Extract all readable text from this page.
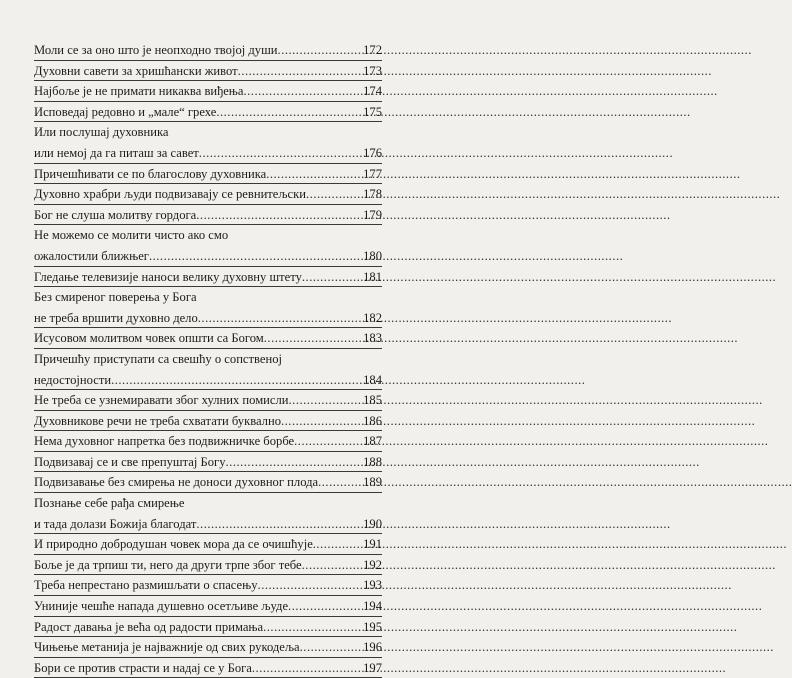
Моли се за оно што је неопходно твојој души .....	172
Духовни савети за хришћански живот .....	173
Најбоље је не примати никаква виђења .....	174
Исповедај редовно и „мале“ грехе .....	175
Или послушај духовника
или немој да га питаш за савет .....	176
Причешћивати се по благослову духовника .....	177
Духовно храбри људи подвизавају се ревнитељски .....	178
Бог не слуша молитву гордога .....	179
Не можемо се молити чисто ако смо
ожалостили ближњег .....	180
Гледање телевизије наноси велику духовну штету .....	181
Без смиреног поверења у Бога
не треба вршити духовно дело .....	182
Исусовом молитвом човек општи са Богом .....	183
Причешћу приступати са свешћу о сопственој
недостојности .....	184
Не треба се узнемиравати због хулних помисли .....	185
Духовникове речи не треба схватати буквално .....	186
Нема духовног напретка без подвижничке борбе .....	187
Подвизавај се и све препуштај Богу .....	188
Подвизавање без смирења не доноси духовног плода .....	189
Познање себе рађа смирење
и тада долази Божија благодат .....	190
И природно добродушан човек мора да се очишћује .....	191
Боље је да трпиш ти, него да други трпе због тебе .....	192
Треба непрестано размишљати о спасењу .....	193
Униније чешће напада душевно осетљиве људе .....	194
Радост давања је већа од радости примања .....	195
Чињење метанија је најважније од свих рукодеља .....	196
Бори се против страсти и надај се у Бога .....	197
